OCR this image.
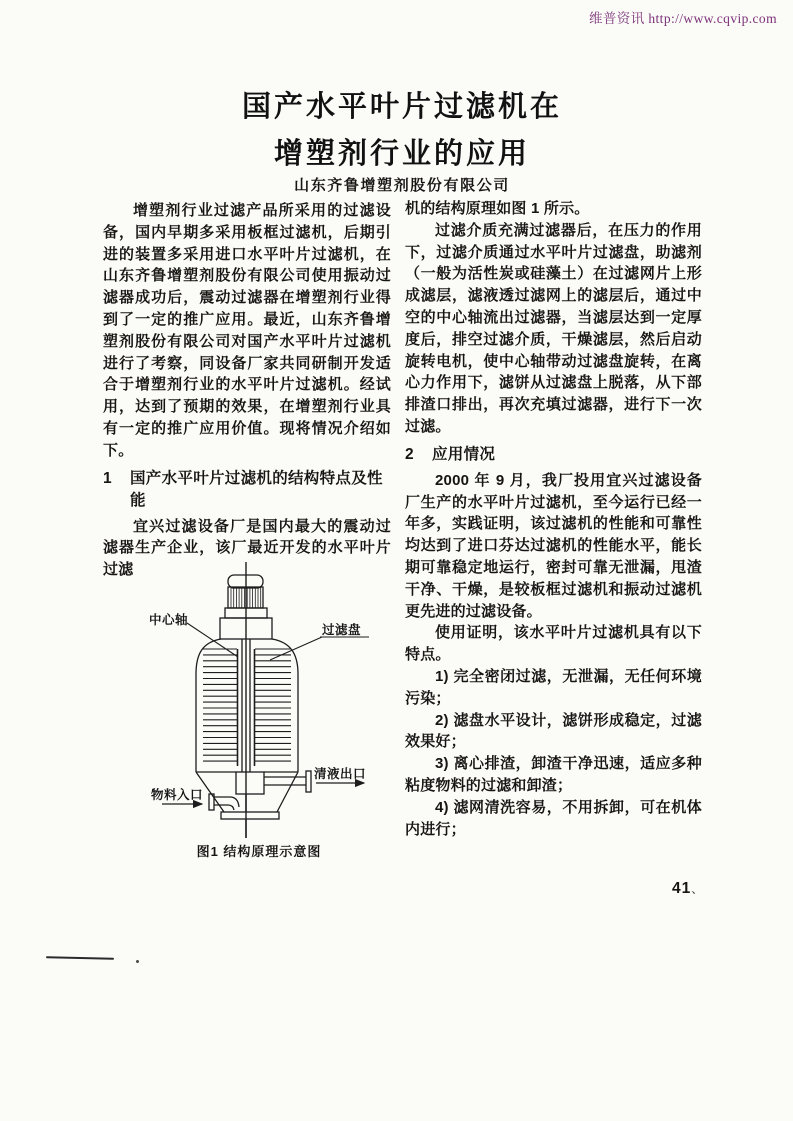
维普资讯 http://www.cqvip.com
国产水平叶片过滤机在
增塑剂行业的应用
山东齐鲁增塑剂股份有限公司

增塑剂行业过滤产品所采用的过滤设备，国内早期多采用板框过滤机，后期引进的装置多采用进口水平叶片过滤机，在山东齐鲁增塑剂股份有限公司使用振动过滤器成功后，震动过滤器在增塑剂行业得到了一定的推广应用。最近，山东齐鲁增塑剂股份有限公司对国产水平叶片过滤机进行了考察，同设备厂家共同研制开发适合于增塑剂行业的水平叶片过滤机。经试用，达到了预期的效果，在增塑剂行业具有一定的推广应用价值。现将情况介绍如下。

1	国产水平叶片过滤机的结构特点及性能

宜兴过滤设备厂是国内最大的震动过滤器生产企业，该厂最近开发的水平叶片过滤

中心轴
过滤盘
清液出口
物料入口
图1 结构原理示意图

机的结构原理如图 1 所示。

过滤介质充满过滤器后，在压力的作用下，过滤介质通过水平叶片过滤盘，助滤剂（一般为活性炭或硅藻土）在过滤网片上形成滤层，滤液透过滤网上的滤层后，通过中空的中心轴流出过滤器，当滤层达到一定厚度后，排空过滤介质，干燥滤层，然后启动旋转电机，使中心轴带动过滤盘旋转，在离心力作用下，滤饼从过滤盘上脱落，从下部排渣口排出，再次充填过滤器，进行下一次过滤。

2	应用情况

2000 年 9 月，我厂投用宜兴过滤设备厂生产的水平叶片过滤机，至今运行已经一年多，实践证明，该过滤机的性能和可靠性均达到了进口芬达过滤机的性能水平，能长期可靠稳定地运行，密封可靠无泄漏，甩渣干净、干燥，是较板框过滤机和振动过滤机更先进的过滤设备。

使用证明，该水平叶片过滤机具有以下特点。

1) 完全密闭过滤，无泄漏，无任何环境污染；

2) 滤盘水平设计，滤饼形成稳定，过滤效果好；

3) 离心排渣，卸渣干净迅速，适应多种粘度物料的过滤和卸渣；

4) 滤网清洗容易，不用拆卸，可在机体内进行；

41、
